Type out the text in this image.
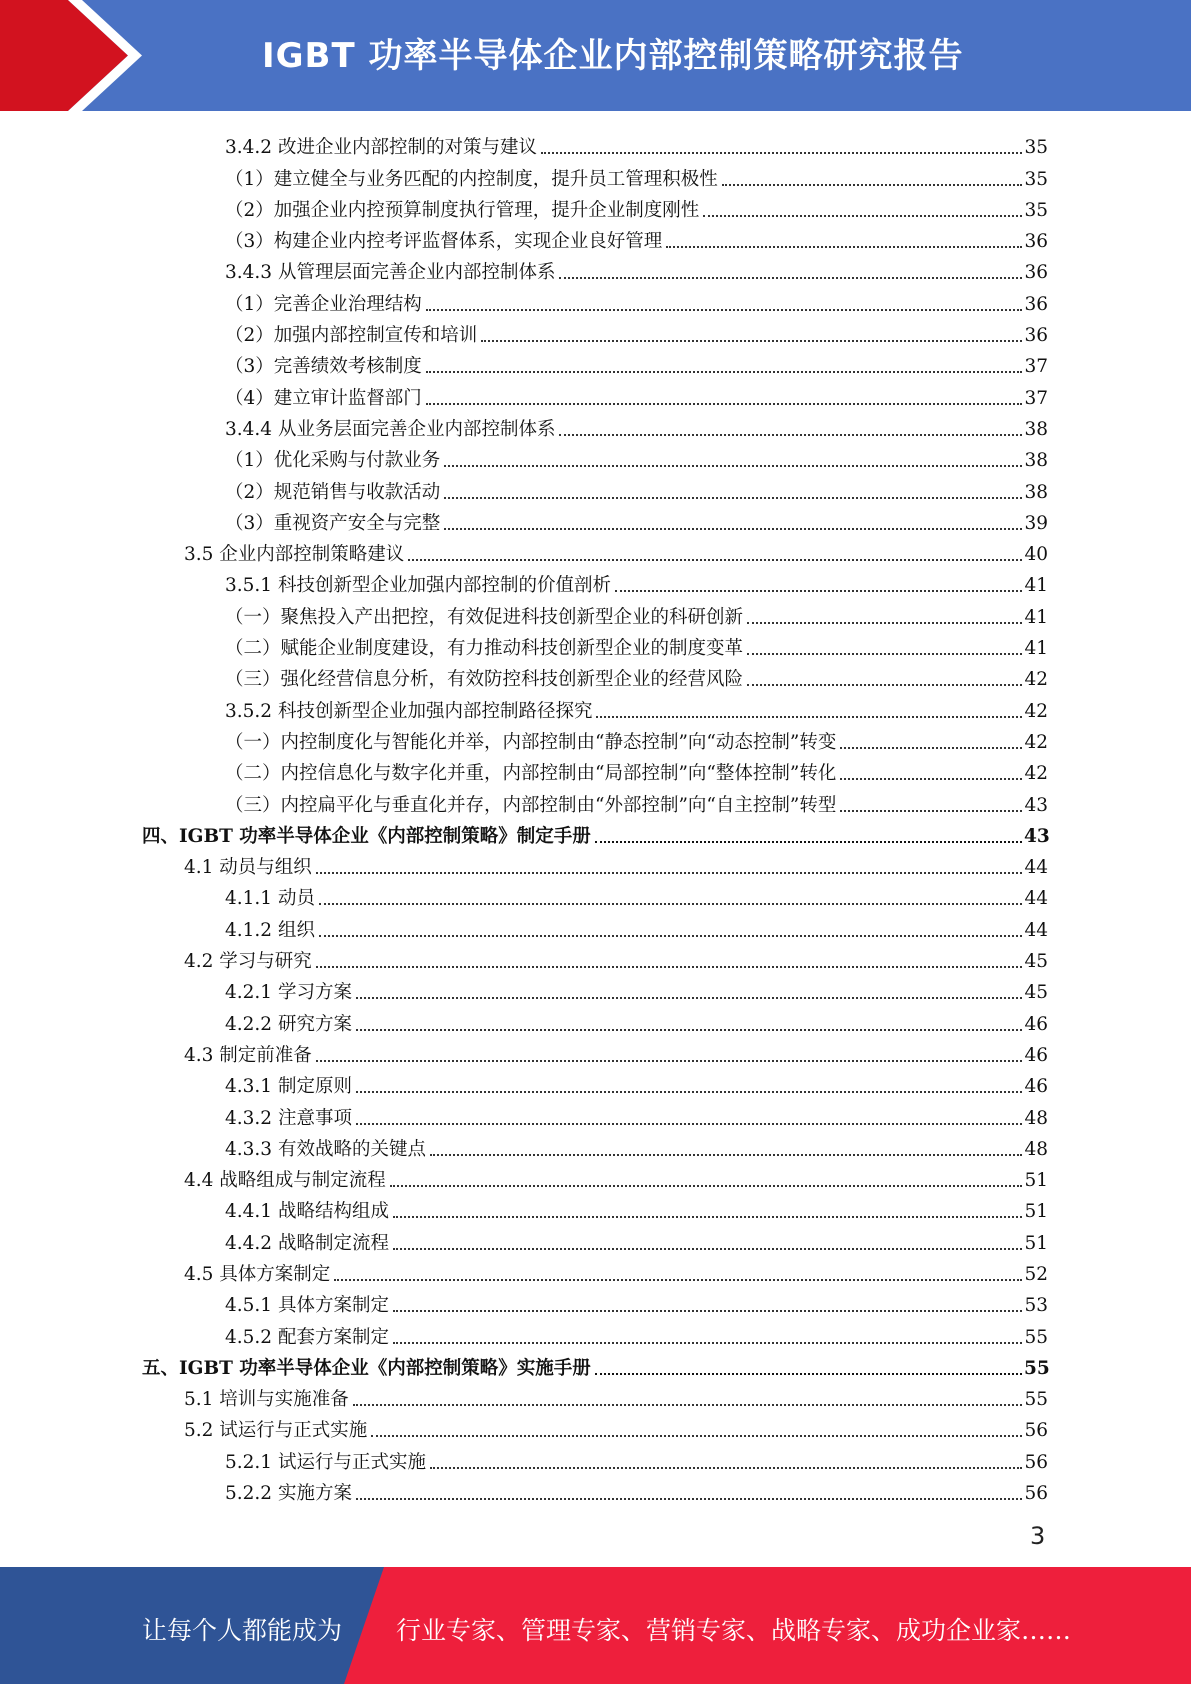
IGBT 功率半导体企业内部控制策略研究报告
3.4.2 改进企业内部控制的对策与建议	35
（1）建立健全与业务匹配的内控制度，提升员工管理积极性	35
（2）加强企业内控预算制度执行管理，提升企业制度刚性	35
（3）构建企业内控考评监督体系，实现企业良好管理	36
3.4.3 从管理层面完善企业内部控制体系	36
（1）完善企业治理结构	36
（2）加强内部控制宣传和培训	36
（3）完善绩效考核制度	37
（4）建立审计监督部门	37
3.4.4 从业务层面完善企业内部控制体系	38
（1）优化采购与付款业务	38
（2）规范销售与收款活动	38
（3）重视资产安全与完整	39
3.5 企业内部控制策略建议	40
3.5.1 科技创新型企业加强内部控制的价值剖析	41
（一）聚焦投入产出把控，有效促进科技创新型企业的科研创新	41
（二）赋能企业制度建设，有力推动科技创新型企业的制度变革	41
（三）强化经营信息分析，有效防控科技创新型企业的经营风险	42
3.5.2 科技创新型企业加强内部控制路径探究	42
（一）内控制度化与智能化并举，内部控制由“静态控制”向“动态控制”转变	42
（二）内控信息化与数字化并重，内部控制由“局部控制”向“整体控制”转化	42
（三）内控扁平化与垂直化并存，内部控制由“外部控制”向“自主控制”转型	43
四、IGBT 功率半导体企业《内部控制策略》制定手册	43
4.1 动员与组织	44
4.1.1 动员	44
4.1.2 组织	44
4.2 学习与研究	45
4.2.1 学习方案	45
4.2.2 研究方案	46
4.3 制定前准备	46
4.3.1 制定原则	46
4.3.2 注意事项	48
4.3.3 有效战略的关键点	48
4.4 战略组成与制定流程	51
4.4.1 战略结构组成	51
4.4.2 战略制定流程	51
4.5 具体方案制定	52
4.5.1 具体方案制定	53
4.5.2 配套方案制定	55
五、IGBT 功率半导体企业《内部控制策略》实施手册	55
5.1 培训与实施准备	55
5.2 试运行与正式实施	56
5.2.1 试运行与正式实施	56
5.2.2 实施方案	56
3
让每个人都能成为 行业专家、管理专家、营销专家、战略专家、成功企业家……
